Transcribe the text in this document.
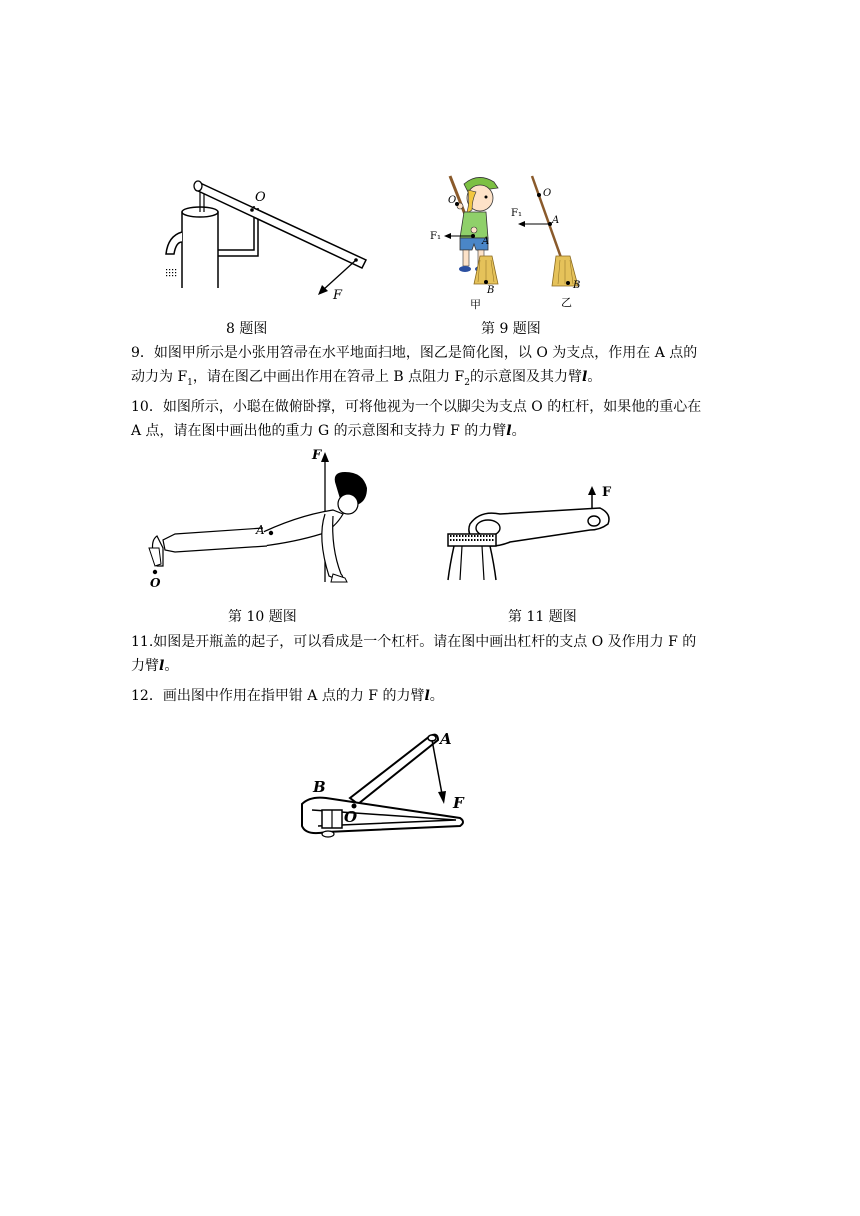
O
F
8 题图
O
F₁	A
B
甲
O
F₁
A
B
乙
第 9 题图

9．如图甲所示是小张用笤帚在水平地面扫地，图乙是简化图，以 O 为支点，作用在 A 点的

动力为 $F_1$，请在图乙中画出作用在笤帚上 B 点阻力 $F_2$的示意图及其力臂l。

10．如图所示，小聪在做俯卧撑，可将他视为一个以脚尖为支点 O 的杠杆，如果他的重心在

A 点，请在图中画出他的重力 G 的示意图和支持力 F 的力臂l。

F
A
O
第 10 题图
F
第 11 题图

11.如图是开瓶盖的起子，可以看成是一个杠杆。请在图中画出杠杆的支点 O 及作用力 F 的

力臂l。

12．画出图中作用在指甲钳 A 点的力 F 的力臂l。

A
B
O
F
